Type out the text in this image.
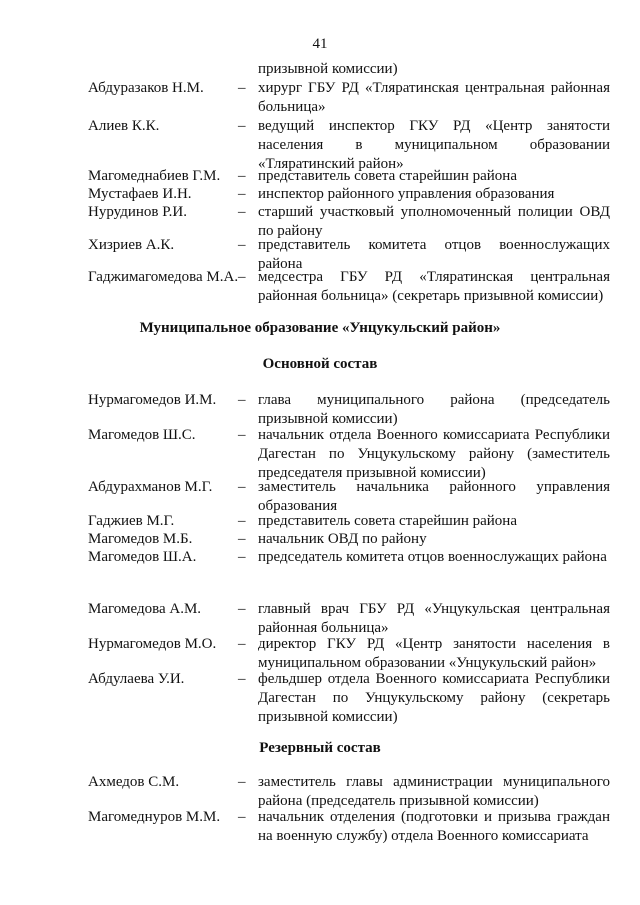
41
призывной комиссии)
Абдуразаков Н.М. – хирург ГБУ РД «Тляратинская центральная районная больница»
Алиев К.К.	– ведущий инспектор ГКУ РД «Центр занятости населения в муниципальном образовании «Тляратинский район»
Магомеднабиев Г.М. – представитель совета старейшин района
Мустафаев И.Н.	– инспектор районного управления образования
Нурудинов Р.И.	– старший участковый уполномоченный полиции ОВД по району
Хизриев А.К.	– представитель комитета отцов военнослужащих района
Гаджимагомедова М.А. – медсестра ГБУ РД «Тляратинская центральная районная больница» (секретарь призывной комиссии)
Муниципальное образование «Унцукульский район»
Основной состав
Нурмагомедов И.М. – глава муниципального района (председатель призывной комиссии)
Магомедов Ш.С.	– начальник отдела Военного комиссариата Республики Дагестан по Унцукульскому району (заместитель председателя призывной комиссии)
Абдурахманов М.Г. – заместитель начальника районного управления образования
Гаджиев М.Г.	– представитель совета старейшин района
Магомедов М.Б.	– начальник ОВД по району
Магомедов Ш.А.	– председатель комитета отцов военнослужащих района
Магомедова А.М. – главный врач ГБУ РД «Унцукульская центральная районная больница»
Нурмагомедов М.О. – директор ГКУ РД «Центр занятости населения в муниципальном образовании «Унцукульский район»
Абдулаева У.И.	– фельдшер отдела Военного комиссариата Республики Дагестан по Унцукульскому району (секретарь призывной комиссии)
Резервный состав
Ахмедов С.М.	– заместитель главы администрации муниципального района (председатель призывной комиссии)
Магомеднуров М.М. – начальник отделения (подготовки и призыва граждан на военную службу) отдела Военного комиссариата
